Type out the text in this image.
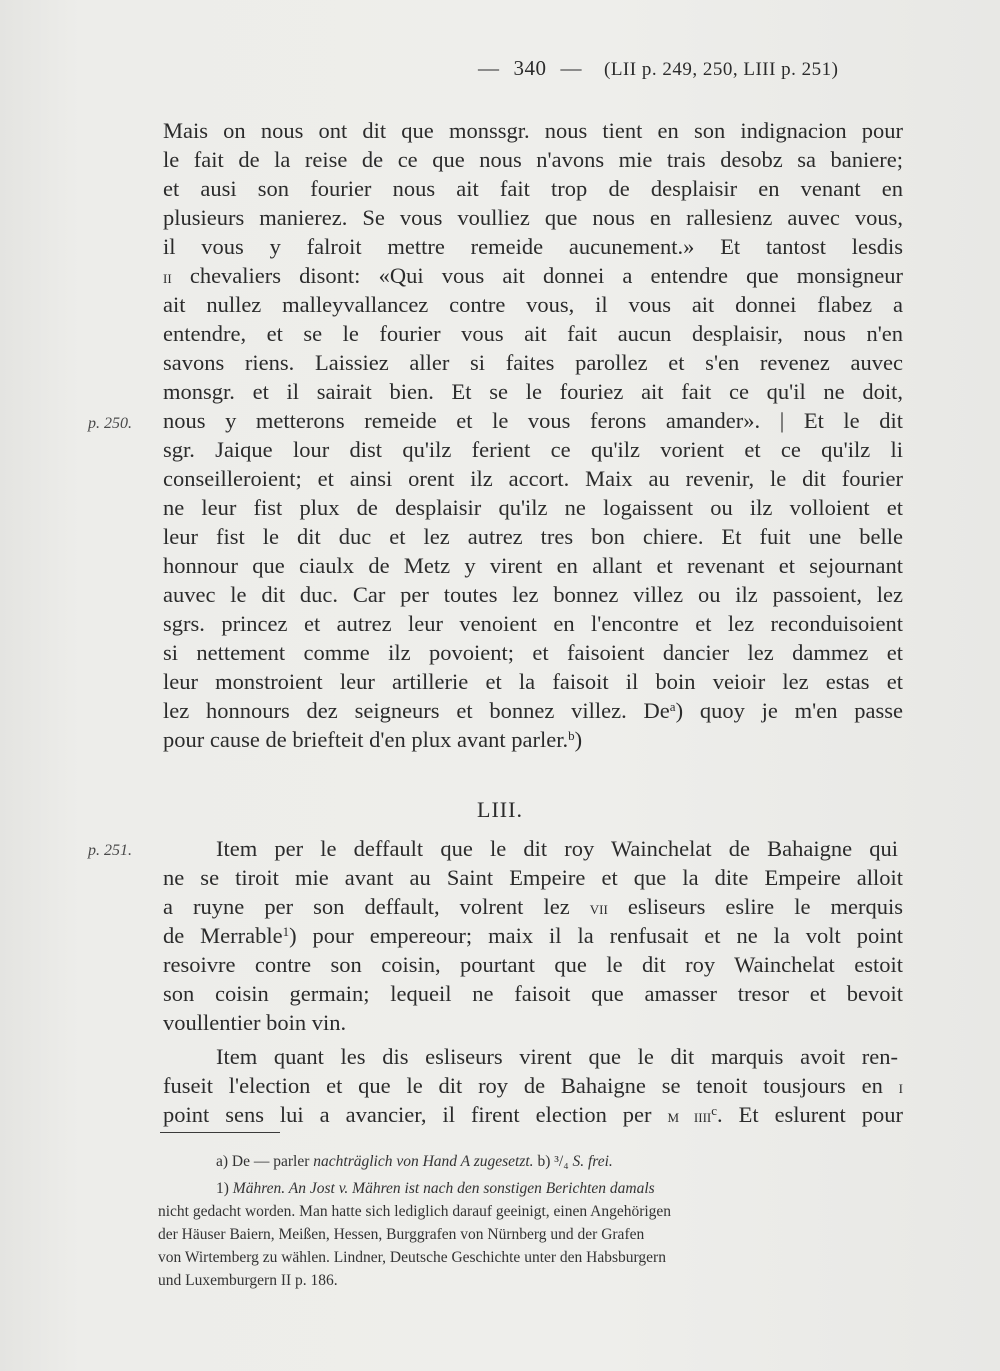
— 340 — (LII p. 249, 250, LIII p. 251)
Mais on nous ont dit que monssgr. nous tient en son indignacion pour
le fait de la reise de ce que nous n'avons mie trais desobz sa baniere;
et ausi son fourier nous ait fait trop de desplaisir en venant en
plusieurs manierez. Se vous voulliez que nous en rallesienz auvec vous,
il vous y falroit mettre remeide aucunement.» Et tantost lesdis
ii chevaliers disont: «Qui vous ait donnei a entendre que monsigneur
ait nullez malleyvallancez contre vous, il vous ait donnei flabez a
entendre, et se le fourier vous ait fait aucun desplaisir, nous n'en
savons riens. Laissiez aller si faites parollez et s'en revenez auvec
monsgr. et il sairait bien. Et se le fouriez ait fait ce qu'il ne doit,
p. 250. nous y metterons remeide et le vous ferons amander». | Et le dit
sgr. Jaique lour dist qu'ilz ferient ce qu'ilz vorient et ce qu'ilz li
conseilleroient; et ainsi orent ilz accort. Maix au revenir, le dit fourier
ne leur fist plux de desplaisir qu'ilz ne logaissent ou ilz volloient et
leur fist le dit duc et lez autrez tres bon chiere. Et fuit une belle
honnour que ciaulx de Metz y virent en allant et revenant et sejournant
auvec le dit duc. Car per toutes lez bonnez villez ou ilz passoient, lez
sgrs. princez et autrez leur venoient en l'encontre et lez reconduisoient
si nettement comme ilz povoient; et faisoient dancier lez dammez et
leur monstroient leur artillerie et la faisoit il boin veioir lez estas et
lez honnours dez seigneurs et bonnez villez. De$^a$) quoy je m'en passe
pour cause de briefteit d'en plux avant parler.$^b$)
LIII.
p. 251.	Item per le deffault que le dit roy Wainchelat de Bahaigne qui
ne se tiroit mie avant au Saint Empeire et que la dite Empeire alloit
a ruyne per son deffault, volrent lez vii esliseurs eslire le merquis
de Merrable$^1$) pour empereour; maix il la renfusait et ne la volt point
resoivre contre son coisin, pourtant que le dit roy Wainchelat estoit
son coisin germain; lequeil ne faisoit que amasser tresor et bevoit
voullentier boin vin.
Item quant les dis esliseurs virent que le dit marquis avoit ren-
fuseit l'election et que le dit roy de Bahaigne se tenoit tousjours en i
point sens lui a avancier, il firent election per m iiii$^c$. Et eslurent pour
a) De — parler nachträglich von Hand A zugesetzt. b) ³/₄ S. frei.
1) Mähren. An Jost v. Mähren ist nach den sonstigen Berichten damals
nicht gedacht worden. Man hatte sich lediglich darauf geeinigt, einen Angehörigen
der Häuser Baiern, Meißen, Hessen, Burggrafen von Nürnberg und der Grafen
von Wirtemberg zu wählen. Lindner, Deutsche Geschichte unter den Habsburgern
und Luxemburgern II p. 186.
